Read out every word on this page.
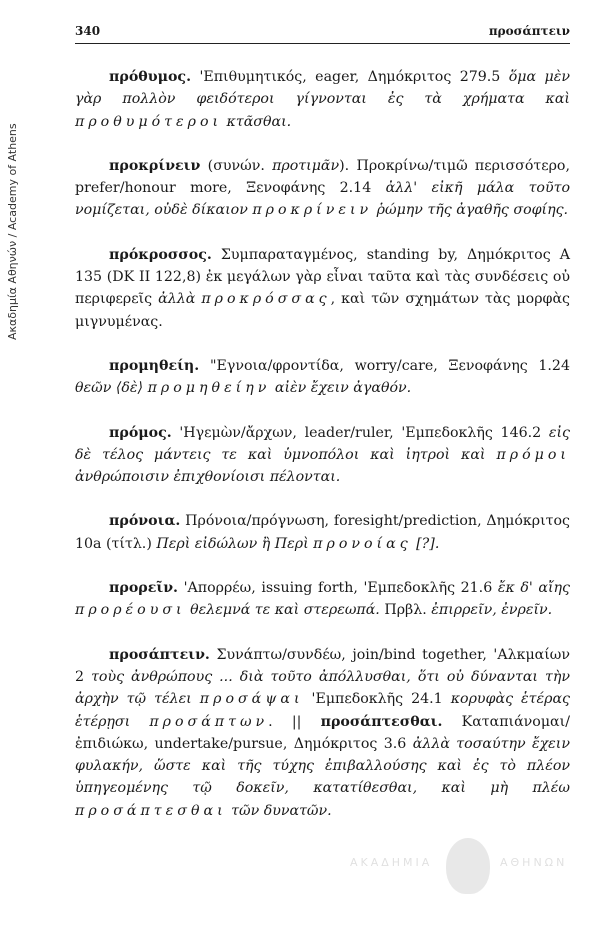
Ακαδημία Αθηνών / Academy of Athens
340	προσάπτειν

πρόθυμος. 'Επιθυμητικός, eager, Δημόκριτος 279.5 ὅμα μὲν γὰρ πολλὸν φειδότεροι γίγνονται ἐς τὰ χρήματα καὶ προθυμότεροι κτᾶσθαι.

προκρίνειν (συνών. προτιμᾶν). Προκρίνω/τιμῶ περισσότερο, prefer/honour more, Ξενοφάνης 2.14 ἀλλ' εἰκῆ μάλα τοῦτο νομίζεται, οὐδὲ δίκαιον προκρίνειν ῥώμην τῆς ἀγαθῆς σοφίης.

πρόκροσσος. Συμπαραταγμένος, standing by, Δημόκριτος A 135 (DK II 122,8) ἐκ μεγάλων γὰρ εἶναι ταῦτα καὶ τὰς συνδέσεις οὐ περιφερεῖς ἀλλὰ προκρόσσας, καὶ τῶν σχημάτων τὰς μορφὰς μιγνυμένας.

προμηθείη. "Εγνοια/φροντίδα, worry/care, Ξενοφάνης 1.24 θεῶν ⟨δὲ⟩ προμηθείην αἰὲν ἔχειν ἀγαθόν.

πρόμος. 'Ηγεμὼν/ἄρχων, leader/ruler, 'Εμπεδοκλῆς 146.2 εἰς δὲ τέλος μάντεις τε καὶ ὑμνοπόλοι καὶ ἰητροὶ καὶ πρόμοι ἀνθρώποισιν ἐπιχθονίοισι πέλονται.

πρόνοια. Πρόνοια/πρόγνωση, foresight/prediction, Δημόκριτος 10a (τίτλ.) Περὶ εἰδώλων ἢ Περὶ προνοίας [?].

προρεῖν. 'Απορρέω, issuing forth, 'Εμπεδοκλῆς 21.6 ἔκ δ' αἴης προρέουσι θελεμνά τε καὶ στερεωπά. Πρβλ. ἐπιρρεῖν, ἐνρεῖν.

προσάπτειν. Συνάπτω/συνδέω, join/bind together, 'Αλκμαίων 2 τοὺς ἀνθρώπους ... διὰ τοῦτο ἀπόλλυσθαι, ὅτι οὐ δύνανται τὴν ἀρχὴν τῷ τέλει προσάψαι 'Εμπεδοκλῆς 24.1 κορυφὰς ἑτέρας ἑτέρῃσι προσάπτων. || προσάπτεσθαι. Καταπιάνομαι/ἐπιδιώκω, undertake/pursue, Δημόκριτος 3.6 ἀλλὰ τοσαύτην ἔχειν φυλακήν, ὥστε καὶ τῆς τύχης ἐπιβαλλούσης καὶ ἐς τὸ πλέον ὑπηγεομένης τῷ δοκεῖν, κατατίθεσθαι, καὶ μὴ πλέω προσάπτεσθαι τῶν δυνατῶν.

ΑΚΑΔΗΜΙΑ	ΑΘΗΝΩΝ
